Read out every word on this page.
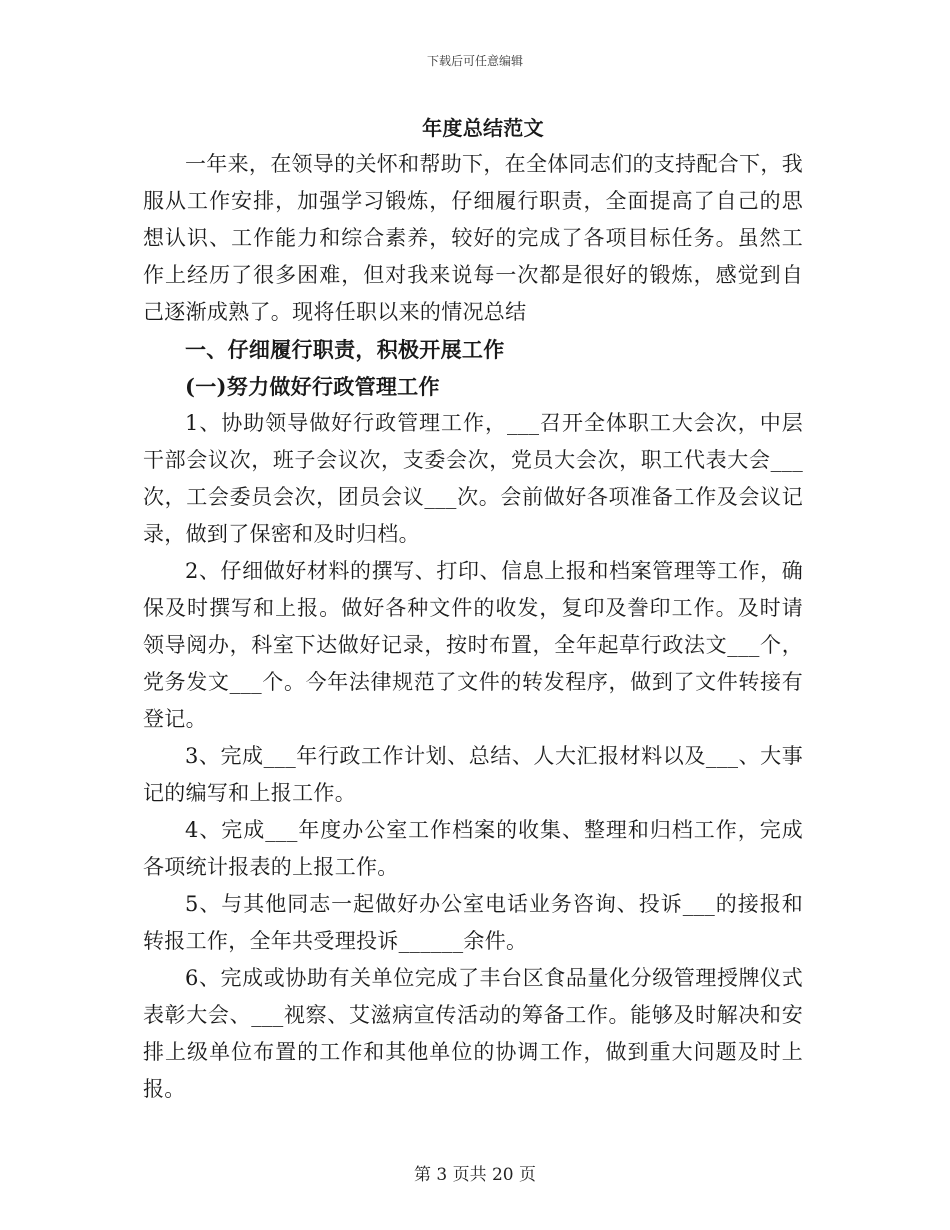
下载后可任意编辑

年度总结范文

一年来，在领导的关怀和帮助下，在全体同志们的支持配合下，我服从工作安排，加强学习锻炼，仔细履行职责，全面提高了自己的思想认识、工作能力和综合素养，较好的完成了各项目标任务。虽然工作上经历了很多困难，但对我来说每一次都是很好的锻炼，感觉到自己逐渐成熟了。现将任职以来的情况总结

一、仔细履行职责，积极开展工作

(一)努力做好行政管理工作

1、协助领导做好行政管理工作，___召开全体职工大会次，中层干部会议次，班子会议次，支委会次，党员大会次，职工代表大会___次，工会委员会次，团员会议___次。会前做好各项准备工作及会议记录，做到了保密和及时归档。

2、仔细做好材料的撰写、打印、信息上报和档案管理等工作，确保及时撰写和上报。做好各种文件的收发，复印及誊印工作。及时请领导阅办，科室下达做好记录，按时布置，全年起草行政法文___个，党务发文___个。今年法律规范了文件的转发程序，做到了文件转接有登记。

3、完成___年行政工作计划、总结、人大汇报材料以及___、大事记的编写和上报工作。

4、完成___年度办公室工作档案的收集、整理和归档工作，完成各项统计报表的上报工作。

5、与其他同志一起做好办公室电话业务咨询、投诉___的接报和转报工作，全年共受理投诉______余件。

6、完成或协助有关单位完成了丰台区食品量化分级管理授牌仪式表彰大会、___视察、艾滋病宣传活动的筹备工作。能够及时解决和安排上级单位布置的工作和其他单位的协调工作，做到重大问题及时上报。

第 3 页共 20 页
